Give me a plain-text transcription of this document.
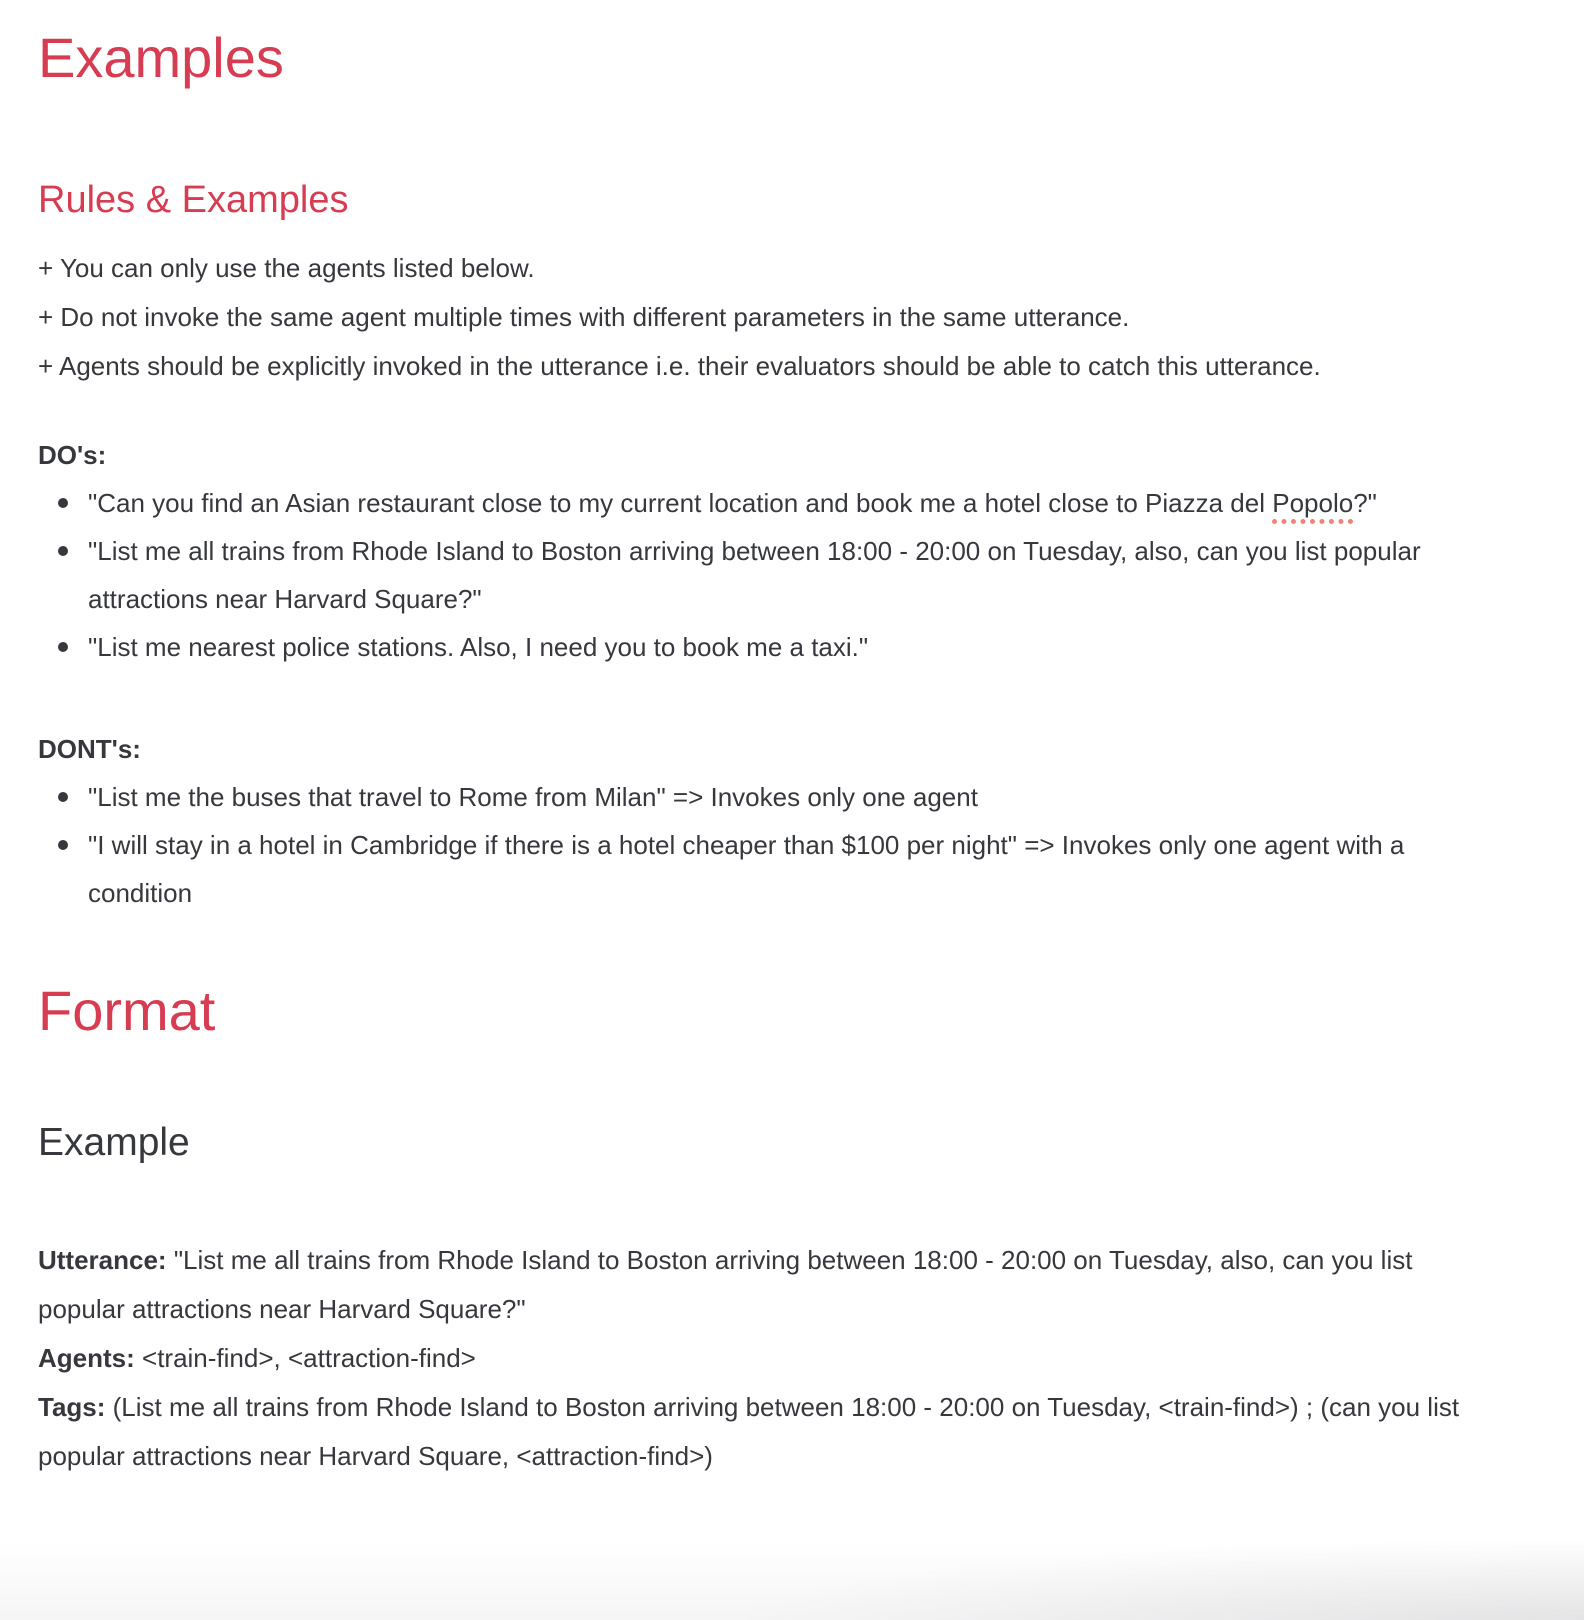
Examples
Rules & Examples

+ You can only use the agents listed below.

+ Do not invoke the same agent multiple times with different parameters in the same utterance.

+ Agents should be explicitly invoked in the utterance i.e. their evaluators should be able to catch this utterance.

DO's:

"Can you find an Asian restaurant close to my current location and book me a hotel close to Piazza del Popolo?"
"List me all trains from Rhode Island to Boston arriving between 18:00 - 20:00 on Tuesday, also, can you list popular attractions near Harvard Square?"
"List me nearest police stations. Also, I need you to book me a taxi."

DONT's:

"List me the buses that travel to Rome from Milan" => Invokes only one agent
"I will stay in a hotel in Cambridge if there is a hotel cheaper than $100 per night" => Invokes only one agent with a condition
Format
Example

Utterance: "List me all trains from Rhode Island to Boston arriving between 18:00 - 20:00 on Tuesday, also, can you list popular attractions near Harvard Square?"

Agents: <train-find>, <attraction-find>

Tags: (List me all trains from Rhode Island to Boston arriving between 18:00 - 20:00 on Tuesday, <train-find>) ; (can you list popular attractions near Harvard Square, <attraction-find>)
